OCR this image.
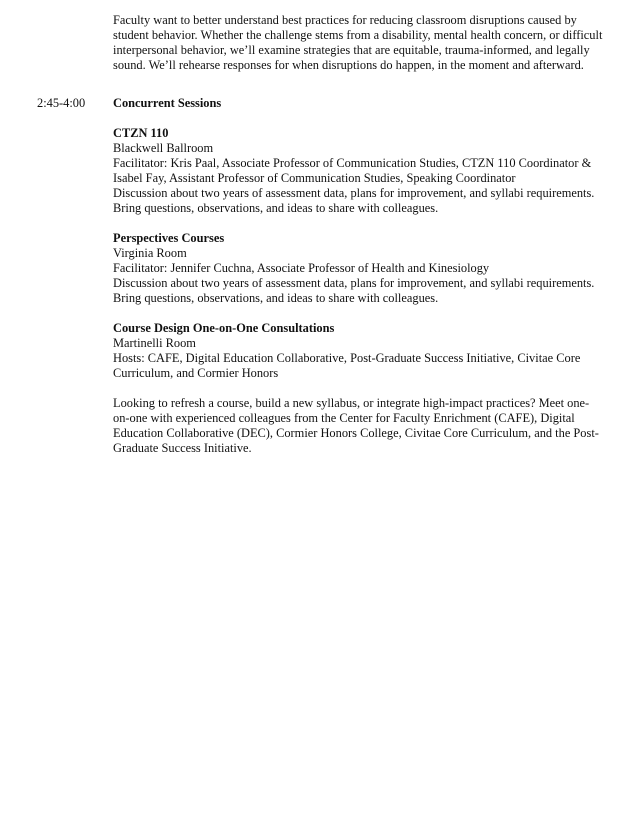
Faculty want to better understand best practices for reducing classroom disruptions caused by student behavior. Whether the challenge stems from a disability, mental health concern, or difficult interpersonal behavior, we’ll examine strategies that are equitable, trauma-informed, and legally sound. We’ll rehearse responses for when disruptions do happen, in the moment and afterward.

2:45-4:00 Concurrent Sessions

CTZN 110
Blackwell Ballroom
Facilitator: Kris Paal, Associate Professor of Communication Studies, CTZN 110 Coordinator & Isabel Fay, Assistant Professor of Communication Studies, Speaking Coordinator
Discussion about two years of assessment data, plans for improvement, and syllabi requirements. Bring questions, observations, and ideas to share with colleagues.
Perspectives Courses
Virginia Room
Facilitator: Jennifer Cuchna, Associate Professor of Health and Kinesiology
Discussion about two years of assessment data, plans for improvement, and syllabi requirements. Bring questions, observations, and ideas to share with colleagues.
Course Design One-on-One Consultations
Martinelli Room
Hosts: CAFE, Digital Education Collaborative, Post-Graduate Success Initiative, Civitae Core Curriculum, and Cormier Honors
Looking to refresh a course, build a new syllabus, or integrate high-impact practices? Meet one-on-one with experienced colleagues from the Center for Faculty Enrichment (CAFE), Digital Education Collaborative (DEC), Cormier Honors College, Civitae Core Curriculum, and the Post-Graduate Success Initiative.
